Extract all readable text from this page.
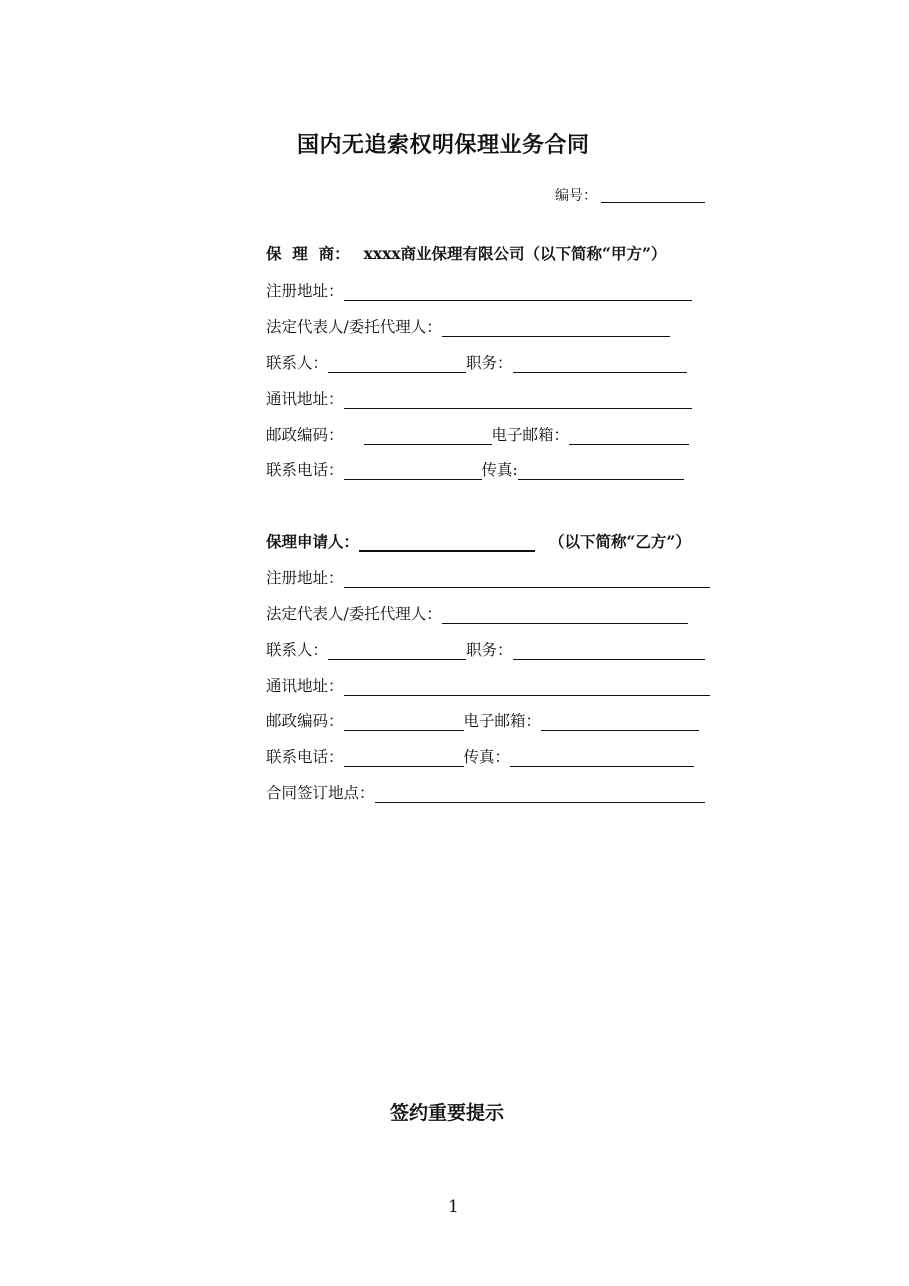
国内无追索权明保理业务合同
编号：
保  理  商： xxxx商业保理有限公司（以下简称“甲方”）
注册地址：
法定代表人/委托代理人：
联系人：	职务：
通讯地址：
邮政编码：	电子邮箱：
联系电话：	传真:
保理申请人：	（以下简称“乙方”）
注册地址：
法定代表人/委托代理人：
联系人：	职务：
通讯地址：
邮政编码：	电子邮箱：
联系电话：	传真：
合同签订地点：
签约重要提示
1
